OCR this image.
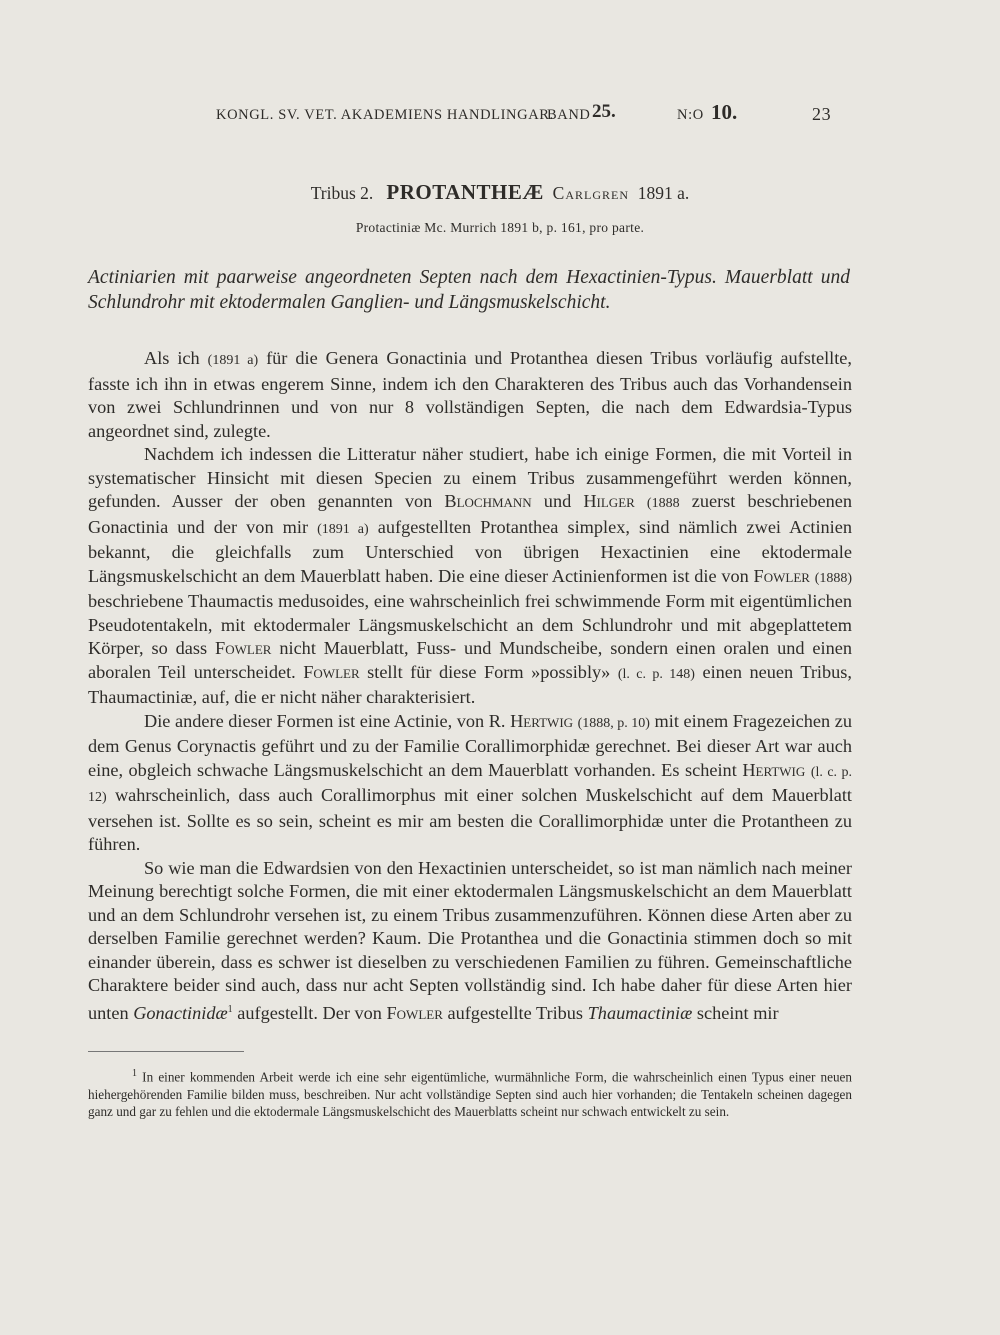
KONGL. SV. VET. AKADEMIENS HANDLINGAR.
BAND 25.	N:O 10.	23
Tribus 2. PROTANTHEÆ Carlgren 1891 a.
Protactiniæ Mc. Murrich 1891 b, p. 161, pro parte.
Actiniarien mit paarweise angeordneten Septen nach dem Hexactinien-Typus. Mauerblatt und Schlundrohr mit ektodermalen Ganglien- und Längsmuskelschicht.

Als ich (1891 a) für die Genera Gonactinia und Protanthea diesen Tribus vorläufig aufstellte, fasste ich ihn in etwas engerem Sinne, indem ich den Charakteren des Tribus auch das Vorhandensein von zwei Schlundrinnen und von nur 8 vollständigen Septen, die nach dem Edwardsia-Typus angeordnet sind, zulegte.

Nachdem ich indessen die Litteratur näher studiert, habe ich einige Formen, die mit Vorteil in systematischer Hinsicht mit diesen Specien zu einem Tribus zusammengeführt werden können, gefunden. Ausser der oben genannten von Blochmann und Hilger (1888 zuerst beschriebenen Gonactinia und der von mir (1891 a) aufgestellten Protanthea simplex, sind nämlich zwei Actinien bekannt, die gleichfalls zum Unterschied von übrigen Hexactinien eine ektodermale Längsmuskelschicht an dem Mauerblatt haben. Die eine dieser Actinienformen ist die von Fowler (1888) beschriebene Thaumactis medusoides, eine wahrscheinlich frei schwimmende Form mit eigentümlichen Pseudotentakeln, mit ektodermaler Längsmuskelschicht an dem Schlundrohr und mit abgeplattetem Körper, so dass Fowler nicht Mauerblatt, Fuss- und Mundscheibe, sondern einen oralen und einen aboralen Teil unterscheidet. Fowler stellt für diese Form »possibly» (l. c. p. 148) einen neuen Tribus, Thaumactiniæ, auf, die er nicht näher charakterisiert.

Die andere dieser Formen ist eine Actinie, von R. Hertwig (1888, p. 10) mit einem Fragezeichen zu dem Genus Corynactis geführt und zu der Familie Corallimorphidæ gerechnet. Bei dieser Art war auch eine, obgleich schwache Längsmuskelschicht an dem Mauerblatt vorhanden. Es scheint Hertwig (l. c. p. 12) wahrscheinlich, dass auch Corallimorphus mit einer solchen Muskelschicht auf dem Mauerblatt versehen ist. Sollte es so sein, scheint es mir am besten die Corallimorphidæ unter die Protantheen zu führen.

So wie man die Edwardsien von den Hexactinien unterscheidet, so ist man nämlich nach meiner Meinung berechtigt solche Formen, die mit einer ektodermalen Längsmuskelschicht an dem Mauerblatt und an dem Schlundrohr versehen ist, zu einem Tribus zusammenzuführen. Können diese Arten aber zu derselben Familie gerechnet werden? Kaum. Die Protanthea und die Gonactinia stimmen doch so mit einander überein, dass es schwer ist dieselben zu verschiedenen Familien zu führen. Gemeinschaftliche Charaktere beider sind auch, dass nur acht Septen vollständig sind. Ich habe daher für diese Arten hier unten Gonactinidæ$^1$ aufgestellt. Der von Fowler aufgestellte Tribus Thaumactiniæ scheint mir

$^1$ In einer kommenden Arbeit werde ich eine sehr eigentümliche, wurmähnliche Form, die wahrscheinlich einen Typus einer neuen hiehergehörenden Familie bilden muss, beschreiben. Nur acht vollständige Septen sind auch hier vorhanden; die Tentakeln scheinen dagegen ganz und gar zu fehlen und die ektodermale Längsmuskelschicht des Mauerblatts scheint nur schwach entwickelt zu sein.
